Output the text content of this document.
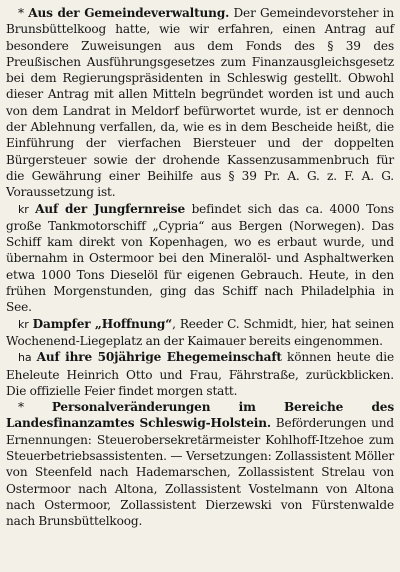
* Aus der Gemeindeverwaltung. Der Gemeindevorsteher in Brunsbüttelkoog hatte, wie wir erfahren, einen Antrag auf besondere Zuweisungen aus dem Fonds des § 39 des Preußischen Ausführungsgesetzes zum Finanzausgleichsgesetz bei dem Regierungspräsidenten in Schleswig gestellt. Obwohl dieser Antrag mit allen Mitteln begründet worden ist und auch von dem Landrat in Meldorf befürwortet wurde, ist er dennoch der Ablehnung verfallen, da, wie es in dem Bescheide heißt, die Einführung der vierfachen Biersteuer und der doppelten Bürgersteuer sowie der drohende Kassenzusammenbruch für die Gewährung einer Beihilfe aus § 39 Pr. A. G. z. F. A. G. Voraussetzung ist.

kr Auf der Jungfernreise befindet sich das ca. 4000 Tons große Tankmotorschiff „Cypria“ aus Bergen (Norwegen). Das Schiff kam direkt von Kopenhagen, wo es erbaut wurde, und übernahm in Ostermoor bei den Mineralöl- und Asphaltwerken etwa 1000 Tons Dieselöl für eigenen Gebrauch. Heute, in den frühen Morgenstunden, ging das Schiff nach Philadelphia in See.

kr Dampfer „Hoffnung“, Reeder C. Schmidt, hier, hat seinen Wochenend-Liegeplatz an der Kaimauer bereits eingenommen.

ha Auf ihre 50jährige Ehegemeinschaft können heute die Eheleute Heinrich Otto und Frau, Fährstraße, zurückblicken. Die offizielle Feier findet morgen statt.

* Personalveränderungen im Bereiche des Landesfinanzamtes Schleswig-Holstein. Beförderungen und Ernennungen: Steuerobersekretärmeister Kohlhoff-Itzehoe zum Steuerbetriebsassistenten. — Versetzungen: Zollassistent Möller von Steenfeld nach Hademarschen, Zollassistent Strelau von Ostermoor nach Altona, Zollassistent Vostelmann von Altona nach Ostermoor, Zollassistent Dierzewski von Fürstenwalde nach Brunsbüttelkoog.
